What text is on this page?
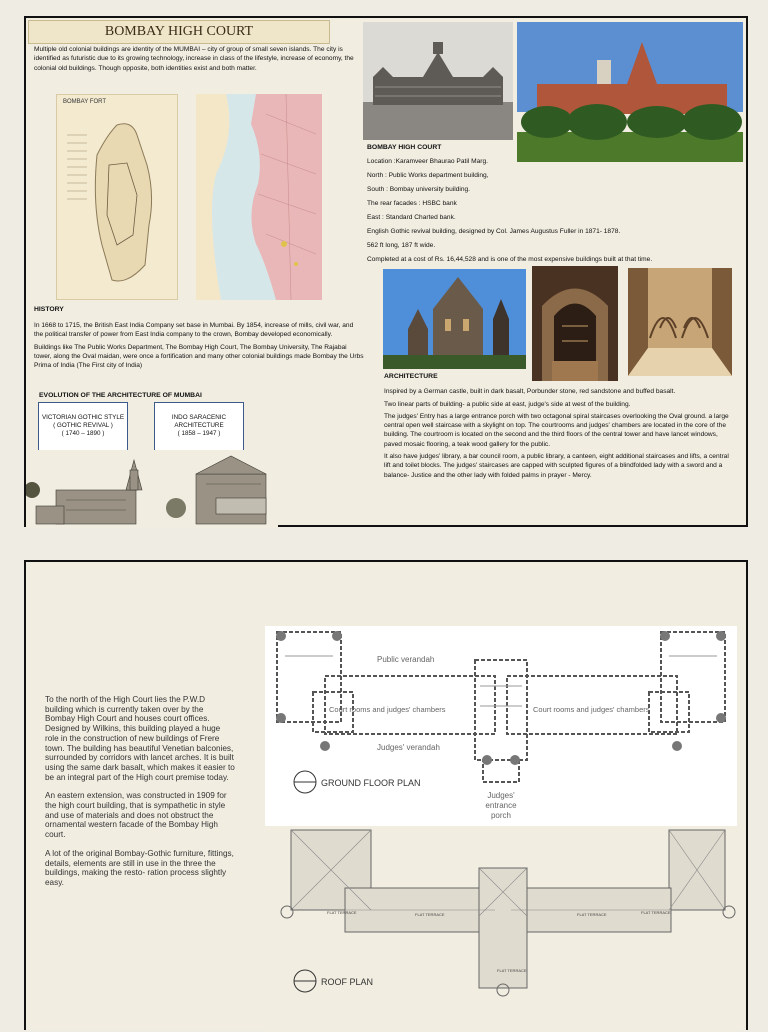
BOMBAY HIGH COURT
Multiple old colonial buildings are identity of the MUMBAI – city of group of small seven islands. The city is identified as futuristic due to its growing technology, increase in class of the lifestyle, increase of economy, the colonial old buildings. Though opposite, both identities exist and both matter.
BOMBAY FORT
HISTORY

In 1668 to 1715, the British East India Company set base in Mumbai. By 1854, increase of mills, civil war, and the political transfer of power from East India company to the crown, Bombay developed economically.

Buildings like The Public Works Department, The Bombay High Court, The Bombay University, The Rajabai tower, along the Oval maidan, were once a fortification and many other colonial buildings made Bombay the Urbs Prima of India (The First city of India)

EVOLUTION OF THE ARCHITECTURE OF MUMBAI
VICTORIAN GOTHIC STYLE
( GOTHIC REVIVAL )
( 1740 – 1890 )
INDO SARACENIC
ARCHITECTURE
( 1858 – 1947 )
BOMBAY HIGH COURT

Location :Karamveer Bhaurao Patil Marg.

North : Public Works department building,

South : Bombay university building.

The rear facades : HSBC bank

East : Standard Charted bank.

English Gothic revival building, designed by Col. James Augustus Fuller in 1871- 1878.

562 ft long, 187 ft wide.

Completed at a cost of Rs. 16,44,528 and is one of the most expensive buildings built at that time.

ARCHITECTURE

Inspired by a German castle, built in dark basalt, Porbunder stone, red sandstone and buffed basalt.

Two linear parts of building- a public side at east, judge's side at west of the building.

The judges' Entry has a large entrance porch with two octagonal spiral staircases overlooking the Oval ground. a large central open well staircase with a skylight on top. The courtrooms and judges' chambers are located in the core of the building. The courtroom is located on the second and the third floors of the central tower and have lancet windows, paved mosaic flooring, a teak wood gallery for the public.

It also have judges' library, a bar council room, a public library, a canteen, eight additional staircases and lifts, a central lift and toilet blocks. The judges' staircases are capped with sculpted figures of a blindfolded lady with a sword and a balance- Justice and the other lady with folded palms in prayer - Mercy.

To the north of the High Court lies the P.W.D building which is currently taken over by the Bombay High Court and houses court offices.

Designed by Wilkins, this building played a huge role in the construction of new buildings of Frere town. The building has beautiful Venetian balconies, surrounded by corridors with lancet arches. It is built using the same dark basalt, which makes it easier to be an integral part of the High court premise today.

An eastern extension, was constructed in 1909 for the high court building, that is sympathetic in style and use of materials and does not obstruct the ornamental western facade of the Bombay High court.

A lot of the original Bombay-Gothic furniture, fittings, details, elements are still in use in the three the buildings, making the resto- ration process slightly easy.

Public verandah
Court rooms and judges' chambers	Court rooms and judges' chambers
Judges' verandah
Judges'
entrance
porch
GROUND FLOOR PLAN
FLAT TERRACE	FLAT TERRACE	FLAT TERRACE	FLAT TERRACE
FLAT TERRACE
ROOF PLAN
